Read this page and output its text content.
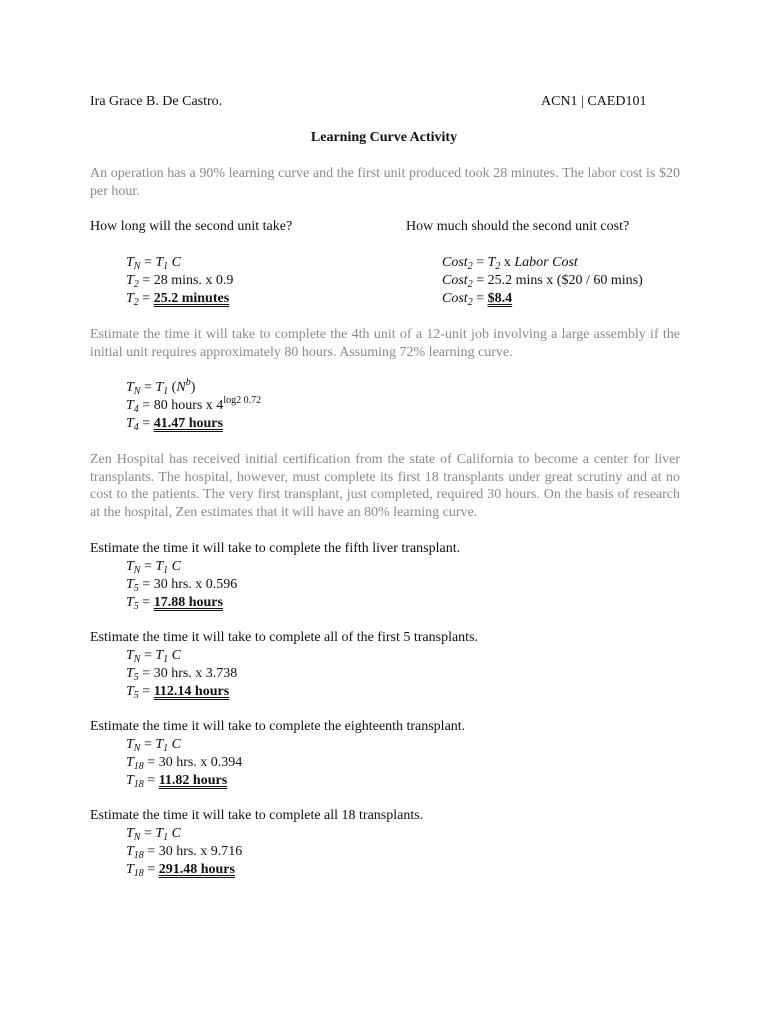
Ira Grace B. De Castro.	ACN1 | CAED101
Learning Curve Activity
An operation has a 90% learning curve and the first unit produced took 28 minutes. The labor cost is $20 per hour.
How long will the second unit take?	How much should the second unit cost?
$T_N = T_1$ C
$T_2 = 28$ mins. x 0.9
$T_2 = 25.2$ minutes
Cost$_2$ = $T_2$ x Labor Cost
Cost$_2$ = 25.2 mins x ($20 / 60 mins)
Cost$_2$ = $8.4
Estimate the time it will take to complete the 4th unit of a 12-unit job involving a large assembly if the initial unit requires approximately 80 hours. Assuming 72% learning curve.
$T_N = T_1$ $(N^b)$
$T_4 = 80$ hours x $4^{log2 0.72}$
$T_4 = 41.47$ hours
Zen Hospital has received initial certification from the state of California to become a center for liver transplants. The hospital, however, must complete its first 18 transplants under great scrutiny and at no cost to the patients. The very first transplant, just completed, required 30 hours. On the basis of research at the hospital, Zen estimates that it will have an 80% learning curve.
Estimate the time it will take to complete the fifth liver transplant.
$T_N = T_1$ C
$T_5 = 30$ hrs. x 0.596
$T_5 = 17.88$ hours
Estimate the time it will take to complete all of the first 5 transplants.
$T_N = T_1$ C
$T_5 = 30$ hrs. x 3.738
$T_5 = 112.14$ hours
Estimate the time it will take to complete the eighteenth transplant.
$T_N = T_1$ C
$T_{18} = 30$ hrs. x 0.394
$T_{18} = 11.82$ hours
Estimate the time it will take to complete all 18 transplants.
$T_N = T_1$ C
$T_{18} = 30$ hrs. x 9.716
$T_{18} = 291.48$ hours
